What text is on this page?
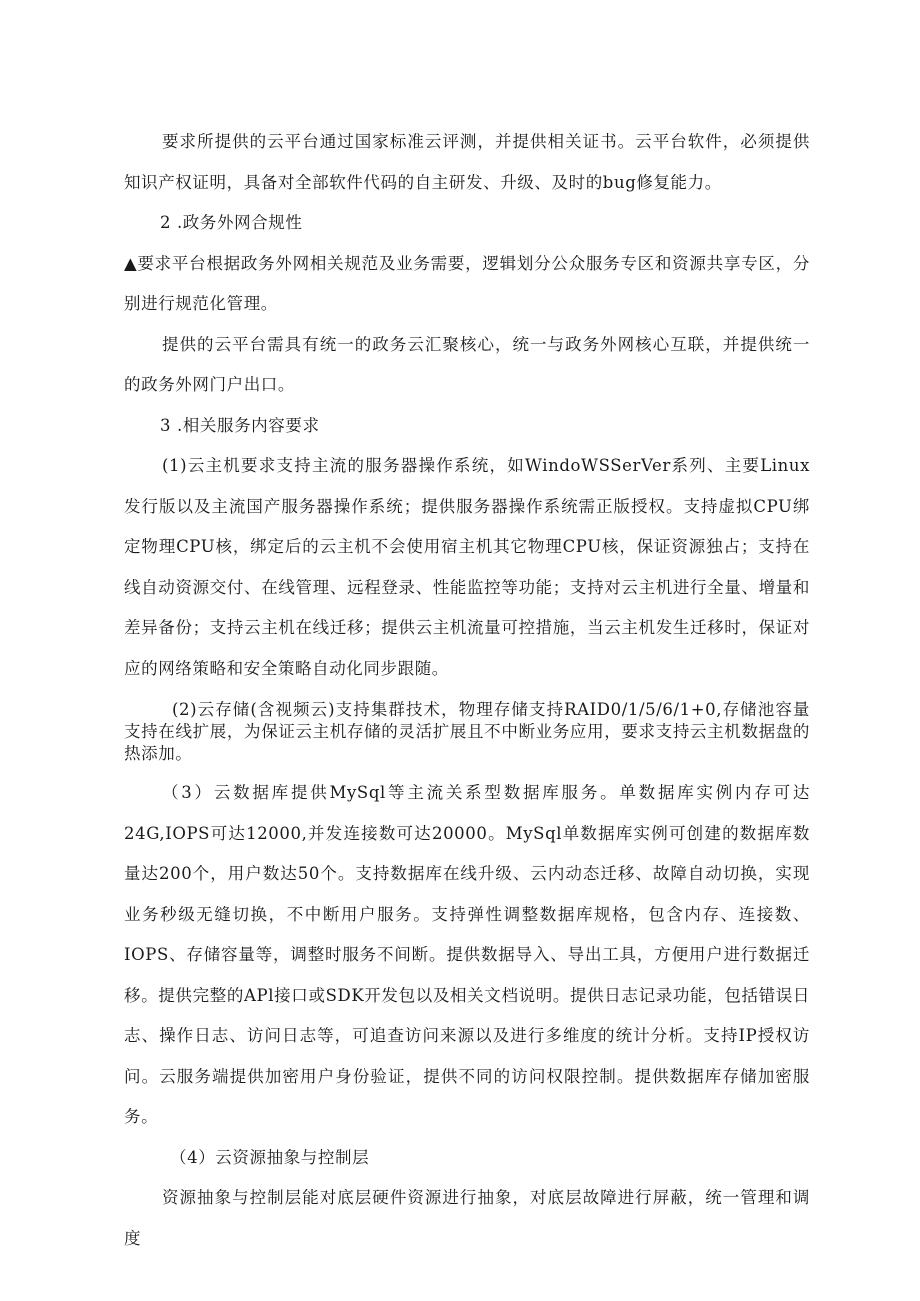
要求所提供的云平台通过国家标准云评测，并提供相关证书。云平台软件，必须提供知识产权证明，具备对全部软件代码的自主研发、升级、及时的bug修复能力。

2 .政务外网合规性

▲要求平台根据政务外网相关规范及业务需要，逻辑划分公众服务专区和资源共享专区，分别进行规范化管理。

提供的云平台需具有统一的政务云汇聚核心，统一与政务外网核心互联，并提供统一的政务外网门户出口。

3 .相关服务内容要求

(1)云主机要求支持主流的服务器操作系统，如WindoWSSerVer系列、主要Linux发行版以及主流国产服务器操作系统；提供服务器操作系统需正版授权。支持虚拟CPU绑定物理CPU核，绑定后的云主机不会使用宿主机其它物理CPU核，保证资源独占；支持在线自动资源交付、在线管理、远程登录、性能监控等功能；支持对云主机进行全量、增量和差异备份；支持云主机在线迁移；提供云主机流量可控措施，当云主机发生迁移时，保证对应的网络策略和安全策略自动化同步跟随。

(2)云存储(含视频云)支持集群技术，物理存储支持RAID0/1/5/6/1+0,存储池容量支持在线扩展，为保证云主机存储的灵活扩展且不中断业务应用，要求支持云主机数据盘的热添加。

（3）云数据库提供MySql等主流关系型数据库服务。单数据库实例内存可达24G,IOPS可达12000,并发连接数可达20000。MySql单数据库实例可创建的数据库数量达200个，用户数达50个。支持数据库在线升级、云内动态迁移、故障自动切换，实现业务秒级无缝切换，不中断用户服务。支持弹性调整数据库规格，包含内存、连接数、IOPS、存储容量等，调整时服务不间断。提供数据导入、导出工具，方便用户进行数据迁移。提供完整的APl接口或SDK开发包以及相关文档说明。提供日志记录功能，包括错误日志、操作日志、访问日志等，可追查访问来源以及进行多维度的统计分析。支持IP授权访问。云服务端提供加密用户身份验证，提供不同的访问权限控制。提供数据库存储加密服务。

（4）云资源抽象与控制层

资源抽象与控制层能对底层硬件资源进行抽象，对底层故障进行屏蔽，统一管理和调度
